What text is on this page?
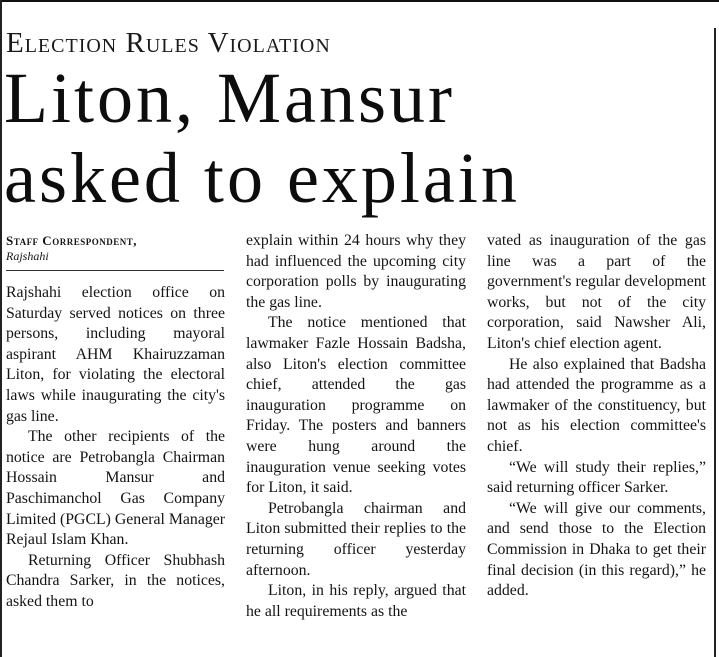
Election Rules Violation
Liton, Mansur
asked to explain
Staff Correspondent,
Rajshahi

Rajshahi election office on Saturday served notices on three persons, including mayoral aspirant AHM Khairuzzaman Liton, for violating the electoral laws while inaugurating the city's gas line.

The other recipients of the notice are Petrobangla Chairman Hossain Mansur and Paschimanchol Gas Company Limited (PGCL) General Manager Rejaul Islam Khan.

Returning Officer Shubhash Chandra Sarker, in the notices, asked them to

explain within 24 hours why they had influenced the upcoming city corporation polls by inaugurating the gas line.

The notice mentioned that lawmaker Fazle Hossain Badsha, also Liton's election committee chief, attended the gas inauguration programme on Friday. The posters and banners were hung around the inauguration venue seeking votes for Liton, it said.

Petrobangla chairman and Liton submitted their replies to the returning officer yesterday afternoon.

Liton, in his reply, argued that he all requirements as the

vated as inauguration of the gas line was a part of the government's regular development works, but not of the city corporation, said Nawsher Ali, Liton's chief election agent.

He also explained that Badsha had attended the programme as a lawmaker of the constituency, but not as his election committee's chief.

“We will study their replies,” said returning officer Sarker.

“We will give our comments, and send those to the Election Commission in Dhaka to get their final decision (in this regard),” he added.
